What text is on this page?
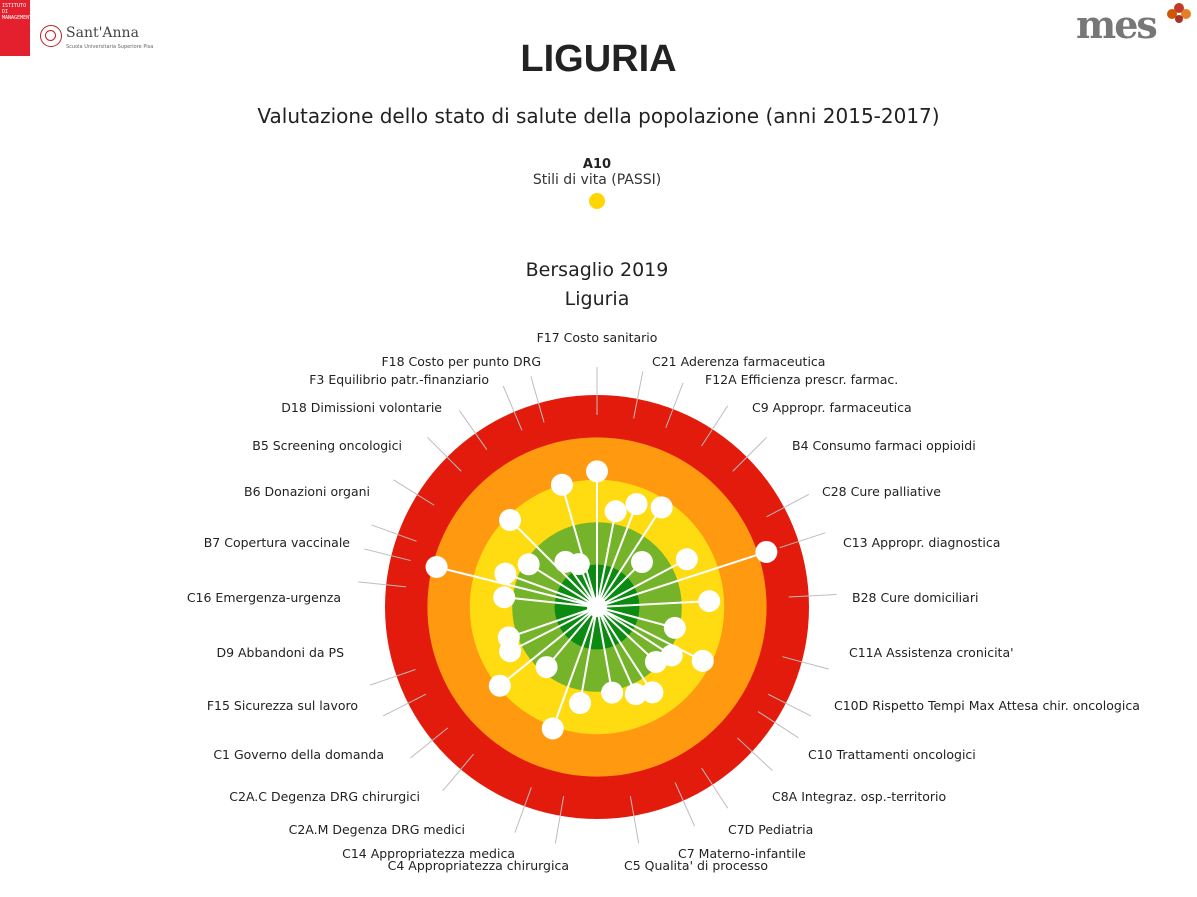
ISTITUTO DI MANAGEMENT
Sant'Anna
Scuola Universitaria Superiore Pisa	mes
LIGURIA
Valutazione dello stato di salute della popolazione (anni 2015-2017)
A10
Stili di vita (PASSI)
Bersaglio 2019
Liguria
F17 Costo sanitario
C21 Aderenza farmaceutica
F12A Efficienza prescr. farmac.
C9 Appropr. farmaceutica
B4 Consumo farmaci oppioidi
C28 Cure palliative
C13 Appropr. diagnostica
B28 Cure domiciliari
C11A Assistenza cronicita'
C10D Rispetto Tempi Max Attesa chir. oncologica
C10 Trattamenti oncologici
C8A Integraz. osp.-territorio
C7D Pediatria
C7 Materno-infantile
C5 Qualita' di processo
C4 Appropriatezza chirurgica
C14 Appropriatezza medica
C2A.M Degenza DRG medici
C2A.C Degenza DRG chirurgici
C1 Governo della domanda
F15 Sicurezza sul lavoro
D9 Abbandoni da PS
C16 Emergenza-urgenza
B7 Copertura vaccinale
B6 Donazioni organi
B5 Screening oncologici
D18 Dimissioni volontarie
F3 Equilibrio patr.-finanziario
F18 Costo per punto DRG
